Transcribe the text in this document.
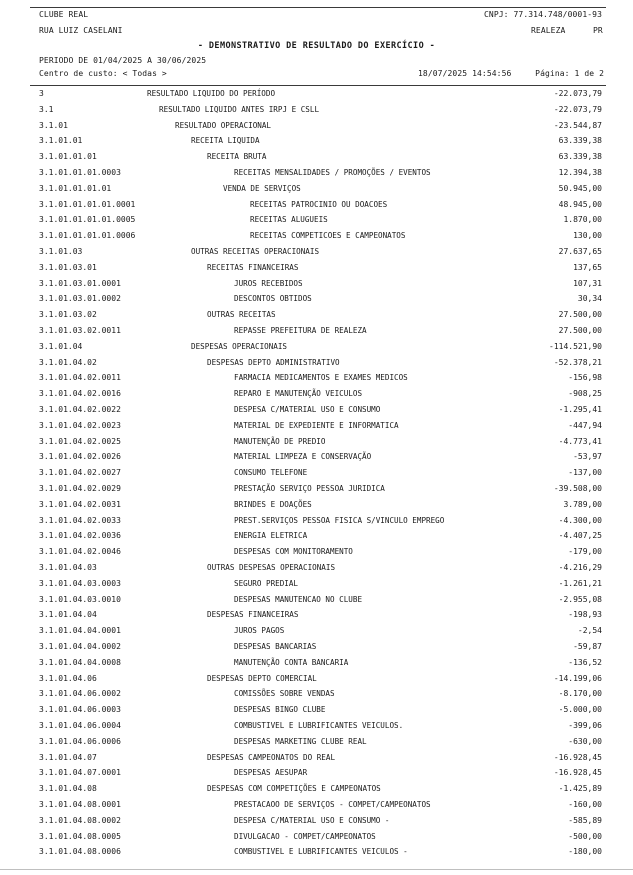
CLUBE REAL	CNPJ: 77.314.748/0001-93
RUA LUIZ CASELANI	REALEZA	PR
- DEMONSTRATIVO DE RESULTADO DO EXERCÍCIO -
PERIODO DE 01/04/2025 A 30/06/2025
Centro de custo: < Todas >	18/07/2025 14:54:56	Página: 1 de 2
3	RESULTADO LIQUIDO DO PERÍODO	-22.073,79
3.1	RESULTADO LIQUIDO ANTES IRPJ E CSLL	-22.073,79
3.1.01	RESULTADO OPERACIONAL	-23.544,87
3.1.01.01	RECEITA LIQUIDA	63.339,38
3.1.01.01.01	RECEITA BRUTA	63.339,38
3.1.01.01.01.0003	RECEITAS MENSALIDADES / PROMOÇÕES / EVENTOS	12.394,38
3.1.01.01.01.01	VENDA DE SERVIÇOS	50.945,00
3.1.01.01.01.01.0001	RECEITAS PATROCINIO OU DOACOES	48.945,00
3.1.01.01.01.01.0005	RECEITAS ALUGUEIS	1.870,00
3.1.01.01.01.01.0006	RECEITAS COMPETICOES E CAMPEONATOS	130,00
3.1.01.03	OUTRAS RECEITAS OPERACIONAIS	27.637,65
3.1.01.03.01	RECEITAS FINANCEIRAS	137,65
3.1.01.03.01.0001	JUROS RECEBIDOS	107,31
3.1.01.03.01.0002	DESCONTOS OBTIDOS	30,34
3.1.01.03.02	OUTRAS RECEITAS	27.500,00
3.1.01.03.02.0011	REPASSE PREFEITURA DE REALEZA	27.500,00
3.1.01.04	DESPESAS OPERACIONAIS	-114.521,90
3.1.01.04.02	DESPESAS DEPTO ADMINISTRATIVO	-52.378,21
3.1.01.04.02.0011	FARMACIA MEDICAMENTOS E EXAMES MEDICOS	-156,98
3.1.01.04.02.0016	REPARO E MANUTENÇÃO VEICULOS	-908,25
3.1.01.04.02.0022	DESPESA C/MATERIAL USO E CONSUMO	-1.295,41
3.1.01.04.02.0023	MATERIAL DE EXPEDIENTE E INFORMATICA	-447,94
3.1.01.04.02.0025	MANUTENÇÃO DE PREDIO	-4.773,41
3.1.01.04.02.0026	MATERIAL LIMPEZA E CONSERVAÇÃO	-53,97
3.1.01.04.02.0027	CONSUMO TELEFONE	-137,00
3.1.01.04.02.0029	PRESTAÇÃO SERVIÇO PESSOA JURIDICA	-39.508,00
3.1.01.04.02.0031	BRINDES E DOAÇÕES	3.789,00
3.1.01.04.02.0033	PREST.SERVIÇOS PESSOA FISICA S/VINCULO EMPREGO	-4.300,00
3.1.01.04.02.0036	ENERGIA ELETRICA	-4.407,25
3.1.01.04.02.0046	DESPESAS COM MONITORAMENTO	-179,00
3.1.01.04.03	OUTRAS DESPESAS OPERACIONAIS	-4.216,29
3.1.01.04.03.0003	SEGURO PREDIAL	-1.261,21
3.1.01.04.03.0010	DESPESAS MANUTENCAO NO CLUBE	-2.955,08
3.1.01.04.04	DESPESAS FINANCEIRAS	-198,93
3.1.01.04.04.0001	JUROS PAGOS	-2,54
3.1.01.04.04.0002	DESPESAS BANCARIAS	-59,87
3.1.01.04.04.0008	MANUTENÇÃO CONTA BANCARIA	-136,52
3.1.01.04.06	DESPESAS DEPTO COMERCIAL	-14.199,06
3.1.01.04.06.0002	COMISSÕES SOBRE VENDAS	-8.170,00
3.1.01.04.06.0003	DESPESAS BINGO CLUBE	-5.000,00
3.1.01.04.06.0004	COMBUSTIVEL E LUBRIFICANTES VEICULOS.	-399,06
3.1.01.04.06.0006	DESPESAS MARKETING CLUBE REAL	-630,00
3.1.01.04.07	DESPESAS CAMPEONATOS DO REAL	-16.928,45
3.1.01.04.07.0001	DESPESAS AESUPAR	-16.928,45
3.1.01.04.08	DESPESAS COM COMPETIÇÕES E CAMPEONATOS	-1.425,89
3.1.01.04.08.0001	PRESTACAOO DE SERVIÇOS - COMPET/CAMPEONATOS	-160,00
3.1.01.04.08.0002	DESPESA C/MATERIAL USO E CONSUMO -	-585,89
3.1.01.04.08.0005	DIVULGACAO - COMPET/CAMPEONATOS	-500,00
3.1.01.04.08.0006	COMBUSTIVEL E LUBRIFICANTES VEICULOS -	-180,00
